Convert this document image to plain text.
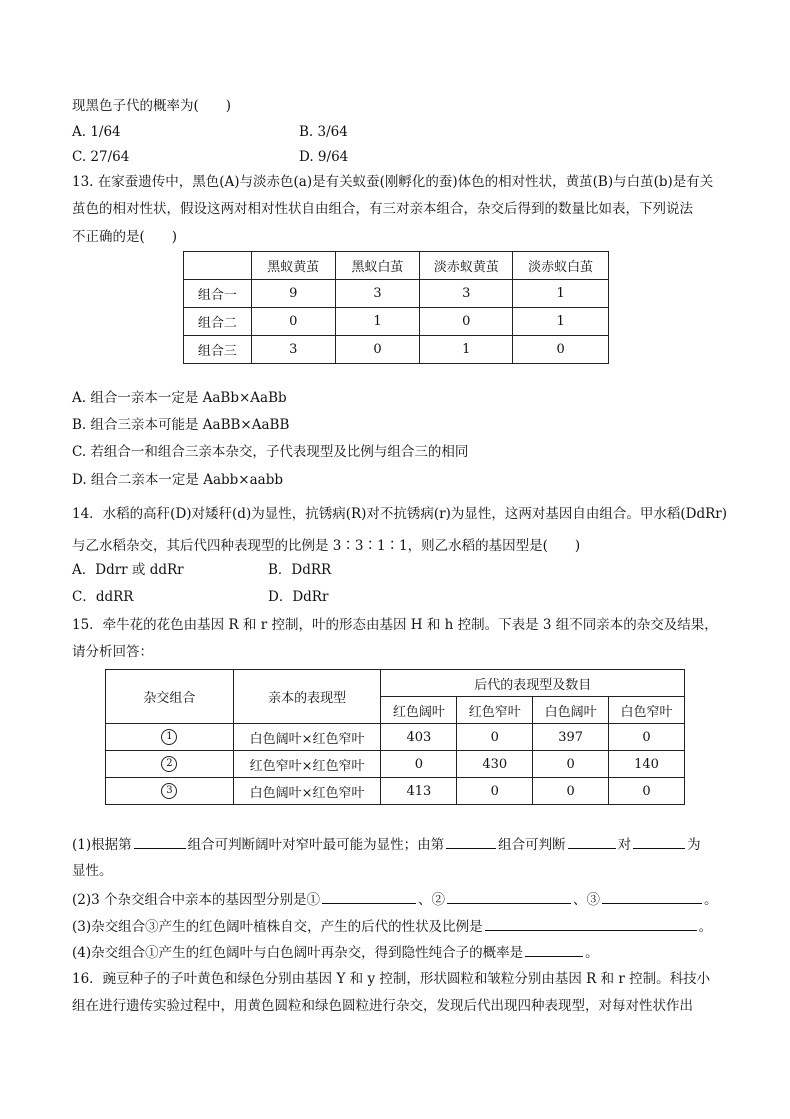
现黑色子代的概率为(　　)
A. 1/64	B. 3/64
C. 27/64	D. 9/64
13. 在家蚕遗传中，黑色(A)与淡赤色(a)是有关蚁蚕(刚孵化的蚕)体色的相对性状，黄茧(B)与白茧(b)是有关
茧色的相对性状，假设这两对相对性状自由组合，有三对亲本组合，杂交后得到的数量比如表，下列说法
不正确的是(　　)
	黑蚁黄茧	黑蚁白茧	淡赤蚁黄茧	淡赤蚁白茧
组合一	9	3	3	1
组合二	0	1	0	1
组合三	3	0	1	0
A. 组合一亲本一定是 AaBb×AaBb
B. 组合三亲本可能是 AaBB×AaBB
C. 若组合一和组合三亲本杂交，子代表现型及比例与组合三的相同
D. 组合二亲本一定是 Aabb×aabb
14．水稻的高秆(D)对矮秆(d)为显性，抗锈病(R)对不抗锈病(r)为显性，这两对基因自由组合。甲水稻(DdRr)
与乙水稻杂交，其后代四种表现型的比例是 3∶3∶1∶1，则乙水稻的基因型是(　　)
A．Ddrr 或 ddRr	B．DdRR
C．ddRR	D．DdRr
15．牵牛花的花色由基因 R 和 r 控制，叶的形态由基因 H 和 h 控制。下表是 3 组不同亲本的杂交及结果，
请分析回答：
杂交组合	亲本的表现型	后代的表现型及数目			
		红色阔叶	红色窄叶	白色阔叶	白色窄叶
1	白色阔叶×红色窄叶	403	0	397	0
2	红色窄叶×红色窄叶	0	430	0	140
3	白色阔叶×红色窄叶	413	0	0	0
(1)根据第	组合可判断阔叶对窄叶最可能为显性；由第	组合可判断	对	为
显性。
(2)3 个杂交组合中亲本的基因型分别是①	、②	、③	。
(3)杂交组合③产生的红色阔叶植株自交，产生的后代的性状及比例是	。
(4)杂交组合①产生的红色阔叶与白色阔叶再杂交，得到隐性纯合子的概率是	。
16．豌豆种子的子叶黄色和绿色分别由基因 Y 和 y 控制，形状圆粒和皱粒分别由基因 R 和 r 控制。科技小
组在进行遗传实验过程中，用黄色圆粒和绿色圆粒进行杂交，发现后代出现四种表现型，对每对性状作出
